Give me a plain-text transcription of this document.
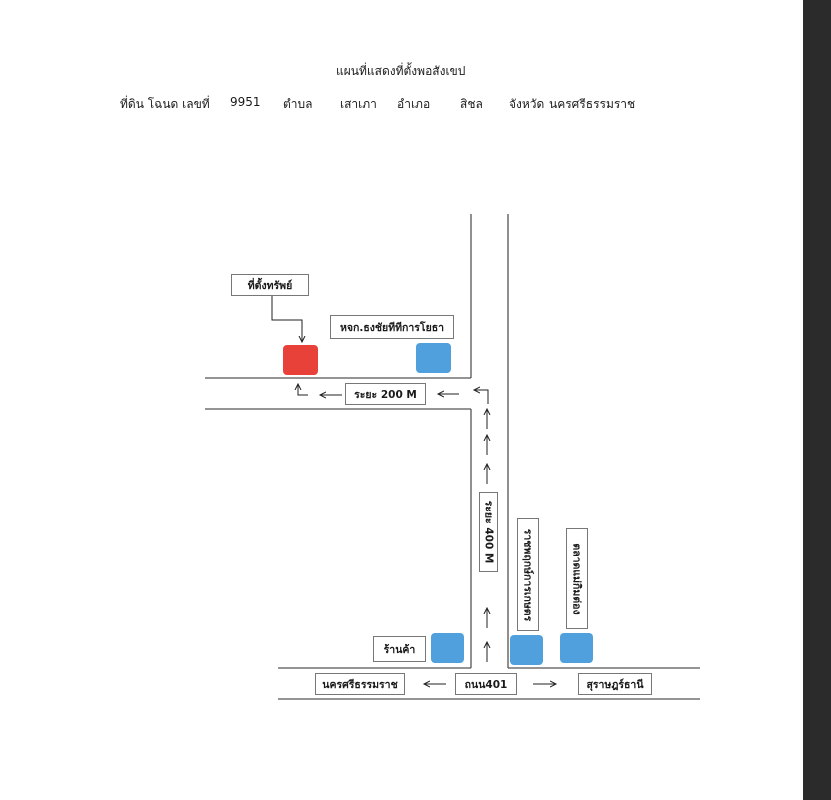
แผนที่แสดงที่ตั้งพอสังเขป
ที่ดิน โฉนด เลขที่ 9951 ตำบล เสาเภา อำเภอ สิชล จังหวัด นครศรีธรรมราช
ที่ตั้งทรัพย์
หจก.ธงชัยทีทีการโยธา
ระยะ 200 M
ระยะ 400 M	ราชพฤกษ์การเกษตร	ตลาดแม่กิมต่อง
ร้านค้า
นครศรีธรรมราช	ถนน401	สุราษฎร์ธานี
